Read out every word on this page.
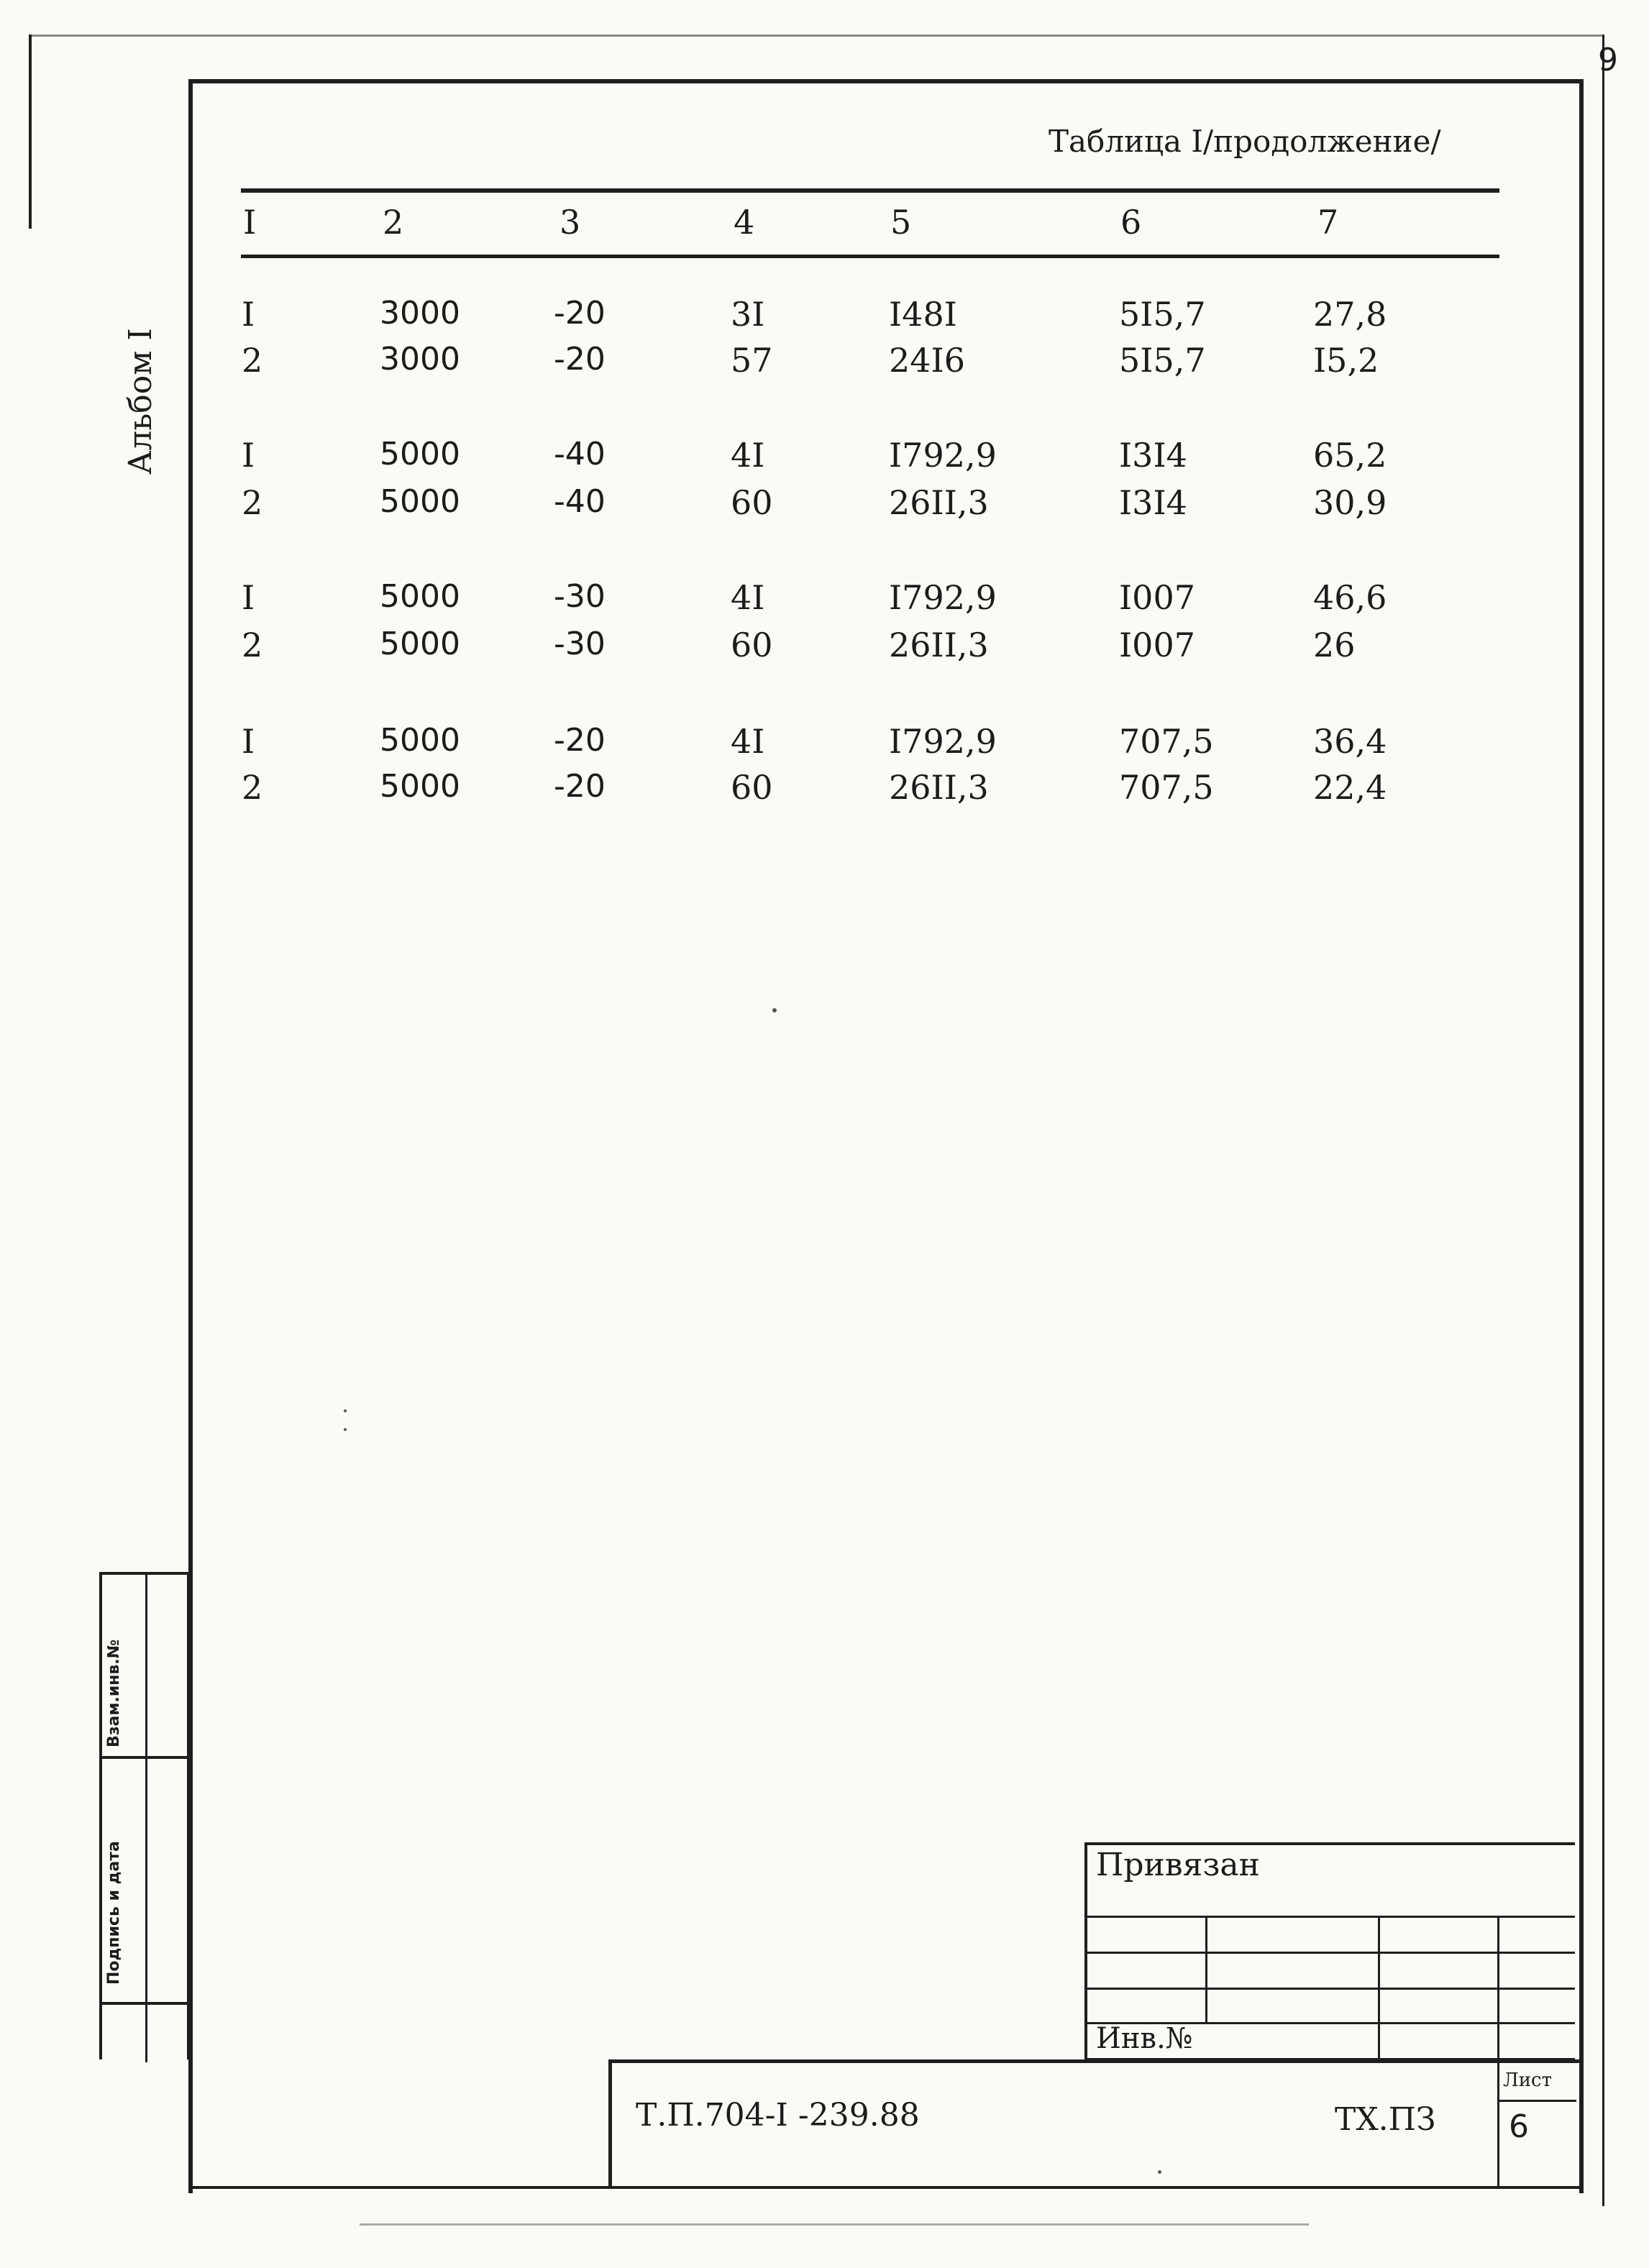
9
Альбом I
Таблица I/продолжение/
I	2	3	4	5	6	7
I	3000	-20	3I	I48I	5I5,7	27,8
2	3000	-20	57	24I6	5I5,7	I5,2
I	5000	-40	4I	I792,9	I3I4	65,2
2	5000	-40	60	26II,3	I3I4	30,9
I	5000	-30	4I	I792,9	I007	46,6
2	5000	-30	60	26II,3	I007	26
I	5000	-20	4I	I792,9	707,5	36,4
2	5000	-20	60	26II,3	707,5	22,4
Взам.инв.№
Подпись и дата	Привязан
Инв.№
Т.П.704-I -239.88	ТХ.ПЗ
Лист
6
